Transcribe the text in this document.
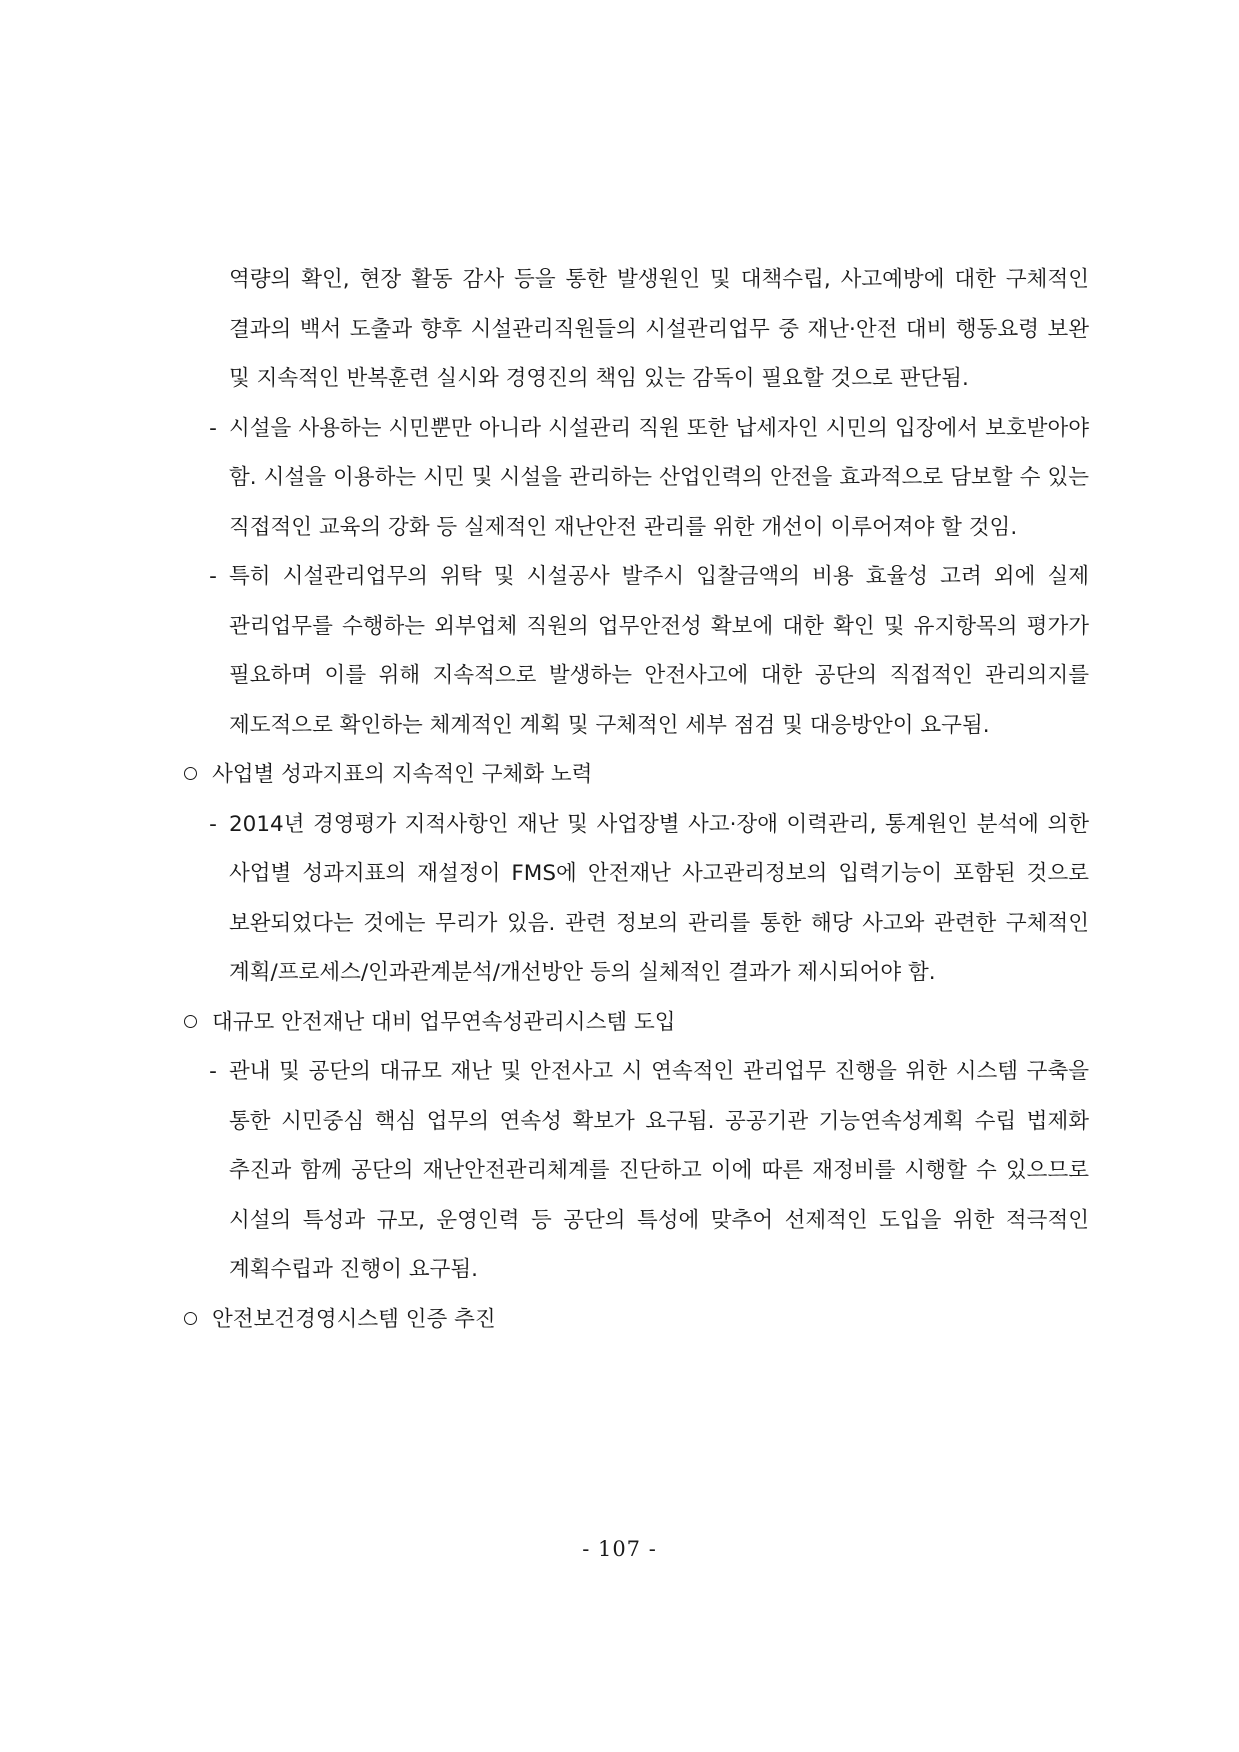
역량의 확인, 현장 활동 감사 등을 통한 발생원인 및 대책수립, 사고예방에 대한 구체적인 결과의 백서 도출과 향후 시설관리직원들의 시설관리업무 중 재난·안전 대비 행동요령 보완 및 지속적인 반복훈련 실시와 경영진의 책임 있는 감독이 필요할 것으로 판단됨.
- 시설을 사용하는 시민뿐만 아니라 시설관리 직원 또한 납세자인 시민의 입장에서 보호받아야 함. 시설을 이용하는 시민 및 시설을 관리하는 산업인력의 안전을 효과적으로 담보할 수 있는 직접적인 교육의 강화 등 실제적인 재난안전 관리를 위한 개선이 이루어져야 할 것임.
- 특히 시설관리업무의 위탁 및 시설공사 발주시 입찰금액의 비용 효율성 고려 외에 실제 관리업무를 수행하는 외부업체 직원의 업무안전성 확보에 대한 확인 및 유지항목의 평가가 필요하며 이를 위해 지속적으로 발생하는 안전사고에 대한 공단의 직접적인 관리의지를 제도적으로 확인하는 체계적인 계획 및 구체적인 세부 점검 및 대응방안이 요구됨.
사업별 성과지표의 지속적인 구체화 노력
- 2014년 경영평가 지적사항인 재난 및 사업장별 사고·장애 이력관리, 통계원인 분석에 의한 사업별 성과지표의 재설정이 FMS에 안전재난 사고관리정보의 입력기능이 포함된 것으로 보완되었다는 것에는 무리가 있음. 관련 정보의 관리를 통한 해당 사고와 관련한 구체적인 계획/프로세스/인과관계분석/개선방안 등의 실체적인 결과가 제시되어야 함.
대규모 안전재난 대비 업무연속성관리시스템 도입
- 관내 및 공단의 대규모 재난 및 안전사고 시 연속적인 관리업무 진행을 위한 시스템 구축을 통한 시민중심 핵심 업무의 연속성 확보가 요구됨. 공공기관 기능연속성계획 수립 법제화 추진과 함께 공단의 재난안전관리체계를 진단하고 이에 따른 재정비를 시행할 수 있으므로 시설의 특성과 규모, 운영인력 등 공단의 특성에 맞추어 선제적인 도입을 위한 적극적인 계획수립과 진행이 요구됨.
안전보건경영시스템 인증 추진
- 107 -
